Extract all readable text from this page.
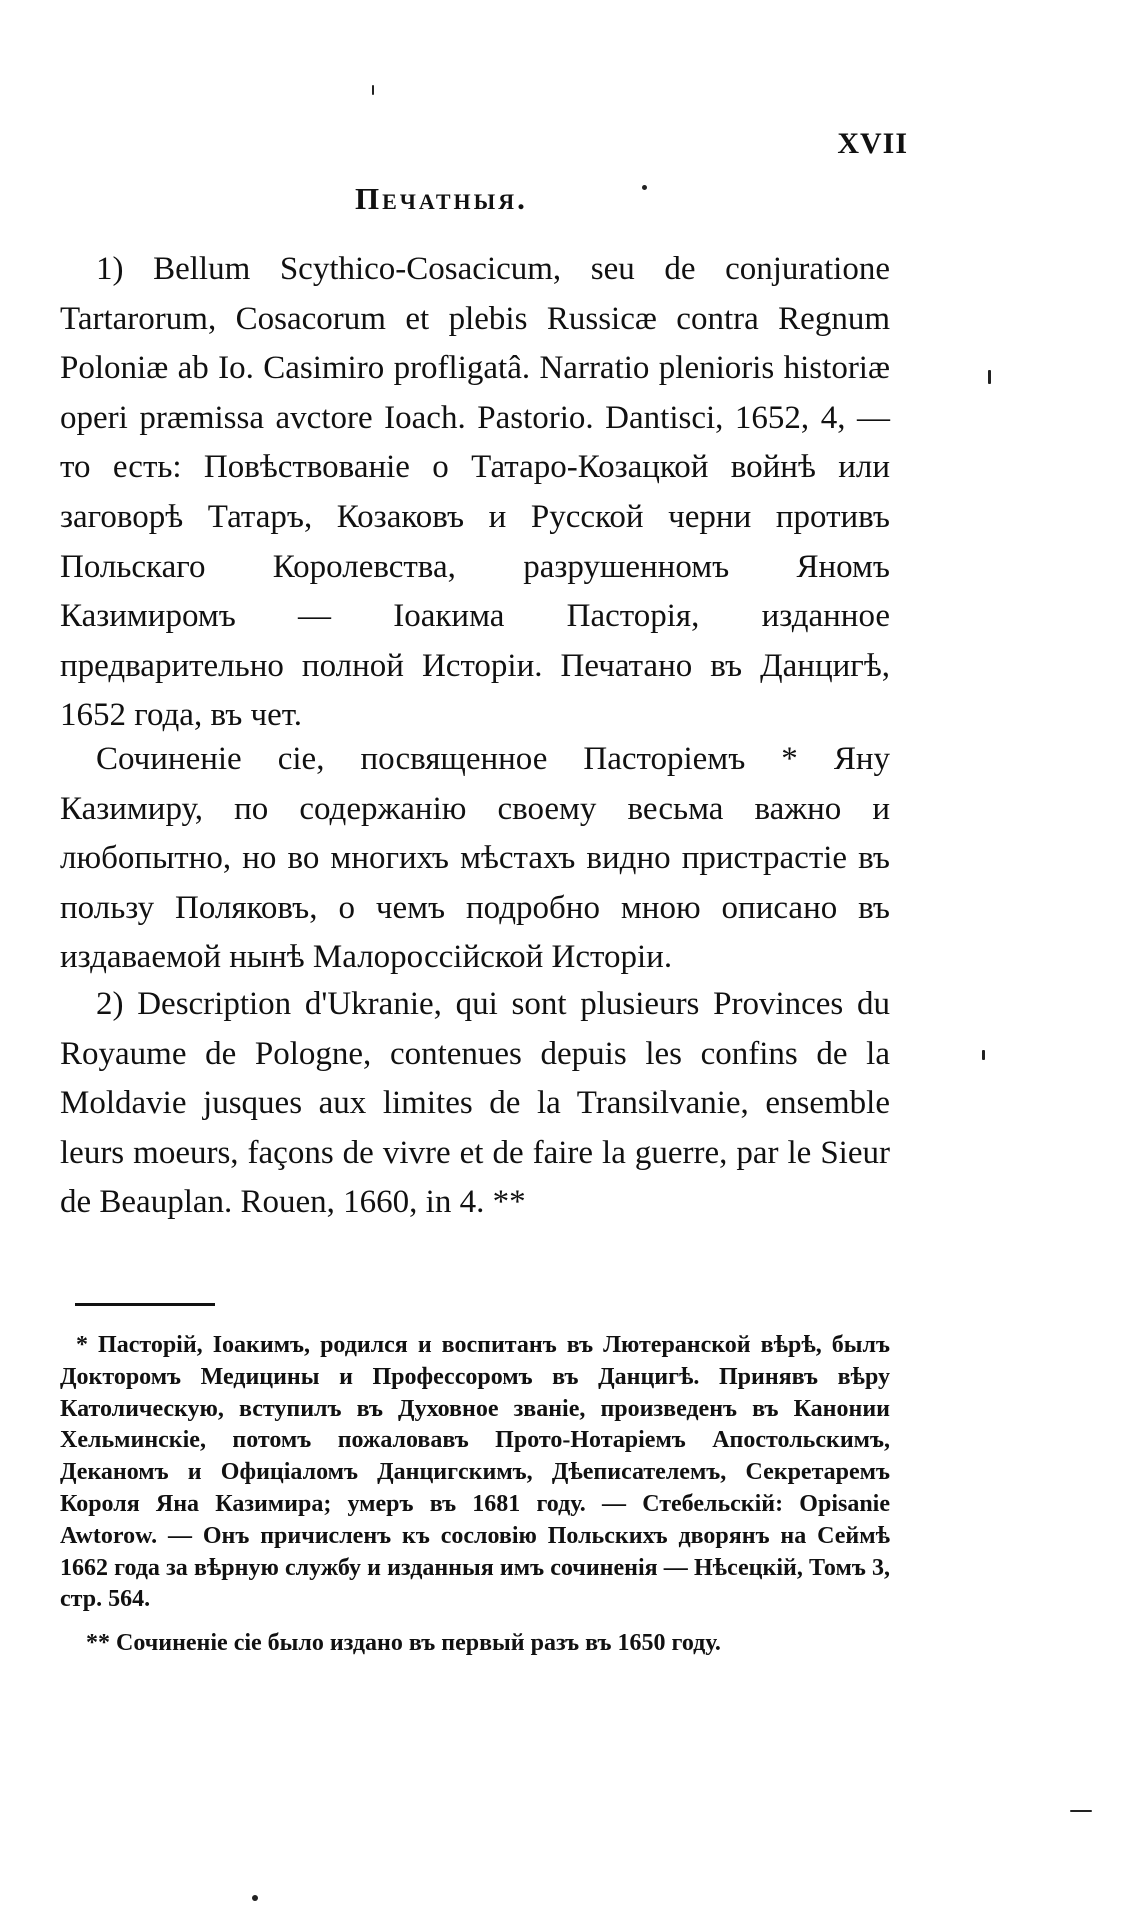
XVII
Печатныя.

1) Bellum Scythico-Cosacicum, seu de conjuratione Tartarorum, Cosacorum et plebis Russicæ contra Regnum Poloniæ ab Io. Casimiro profligatâ. Narratio plenioris historiæ operi præmissa avctore Ioach. Pastorio. Dantisci, 1652, 4, — то есть: Повѣствованіе о Татаро-Козацкой войнѣ или заговорѣ Татаръ, Козаковъ и Русской черни противъ Польскаго Королевства, разрушенномъ Яномъ Казимиромъ — Іоакима Пасторія, изданное предварительно полной Исторіи. Печатано въ Данцигѣ, 1652 года, въ чет.

Сочиненіе сіе, посвященное Пасторіемъ * Яну Казимиру, по содержанію своему весьма важно и любопытно, но во многихъ мѣстахъ видно пристрастіе въ пользу Поляковъ, о чемъ подробно мною описано въ издаваемой нынѣ Малороссійской Исторіи.

2) Description d'Ukranie, qui sont plusieurs Provinces du Royaume de Pologne, contenues depuis les confins de la Moldavie jusques aux limites de la Transilvanie, ensemble leurs moeurs, façons de vivre et de faire la guerre, par le Sieur de Beauplan. Rouen, 1660, in 4. **

* Пасторій, Іоакимъ, родился и воспитанъ въ Лютеранской вѣрѣ, былъ Докторомъ Медицины и Профессоромъ въ Данцигѣ. Принявъ вѣру Католическую, вступилъ въ Духовное званіе, произведенъ въ Канонии Хельминскіе, потомъ пожаловавъ Прото-Нотаріемъ Апостольскимъ, Деканомъ и Офиціаломъ Данцигскимъ, Дѣеписателемъ, Секретаремъ Короля Яна Казимира; умеръ въ 1681 году. — Стебельскій: Opisanie Awtorow. — Онъ причисленъ къ сословію Польскихъ дворянъ на Сеймѣ 1662 года за вѣрную службу и изданныя имъ сочиненія — Нѣсецкій, Томъ 3, стр. 564.

** Сочиненіе сіе было издано въ первый разъ въ 1650 году.
